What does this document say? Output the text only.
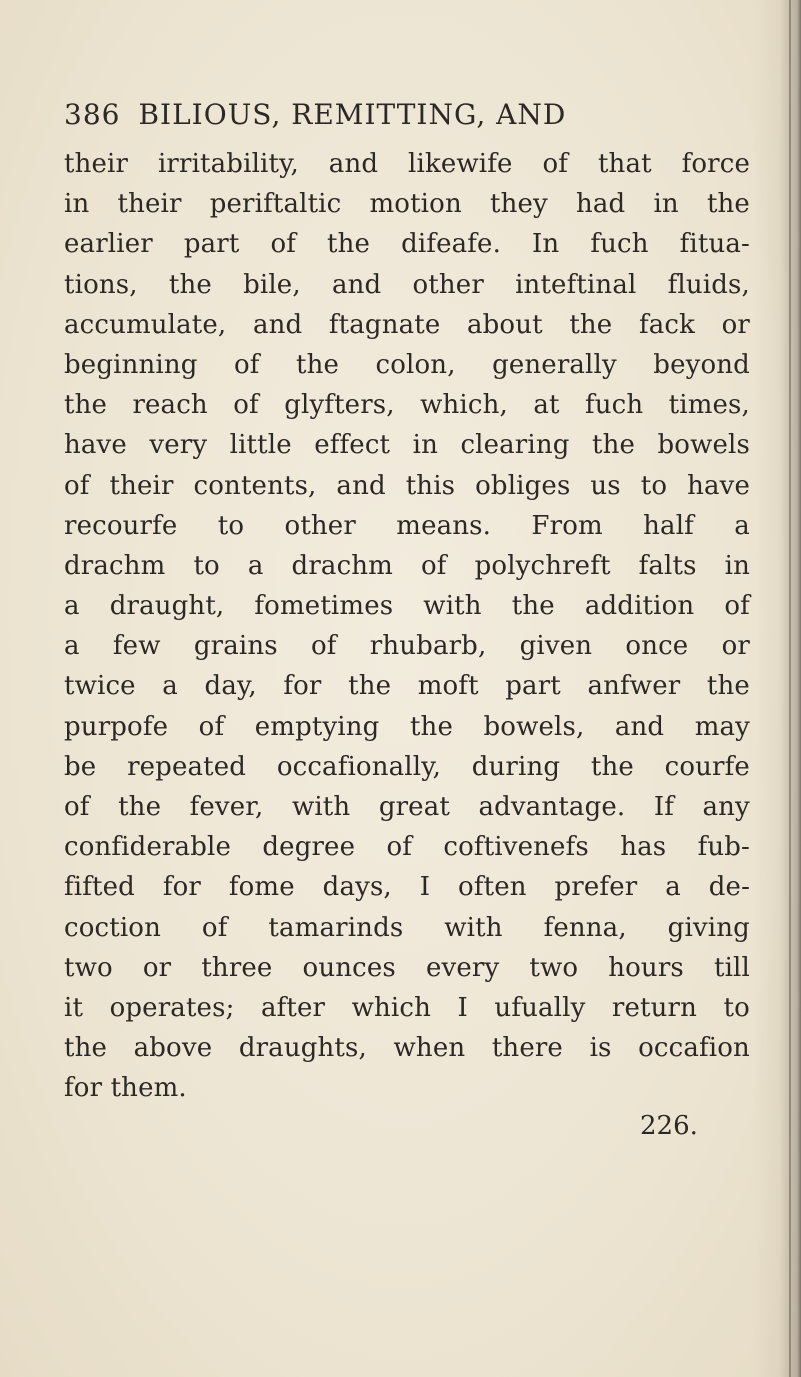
386 BILIOUS, REMITTING, AND
their irritability, and likewife of that force
in their periftaltic motion they had in the
earlier part of the difeafe. In fuch fitua-
tions, the bile, and other inteftinal fluids,
accumulate, and ftagnate about the fack or
beginning of the colon, generally beyond
the reach of glyfters, which, at fuch times,
have very little effect in clearing the bowels
of their contents, and this obliges us to have
recourfe to other means. From half a
drachm to a drachm of polychreft falts in
a draught, fometimes with the addition of
a few grains of rhubarb, given once or
twice a day, for the moft part anfwer the
purpofe of emptying the bowels, and may
be repeated occafionally, during the courfe
of the fever, with great advantage. If any
confiderable degree of coftivenefs has fub-
fifted for fome days, I often prefer a de-
coction of tamarinds with fenna, giving
two or three ounces every two hours till
it operates; after which I ufually return to
the above draughts, when there is occafion
for them.
226.
